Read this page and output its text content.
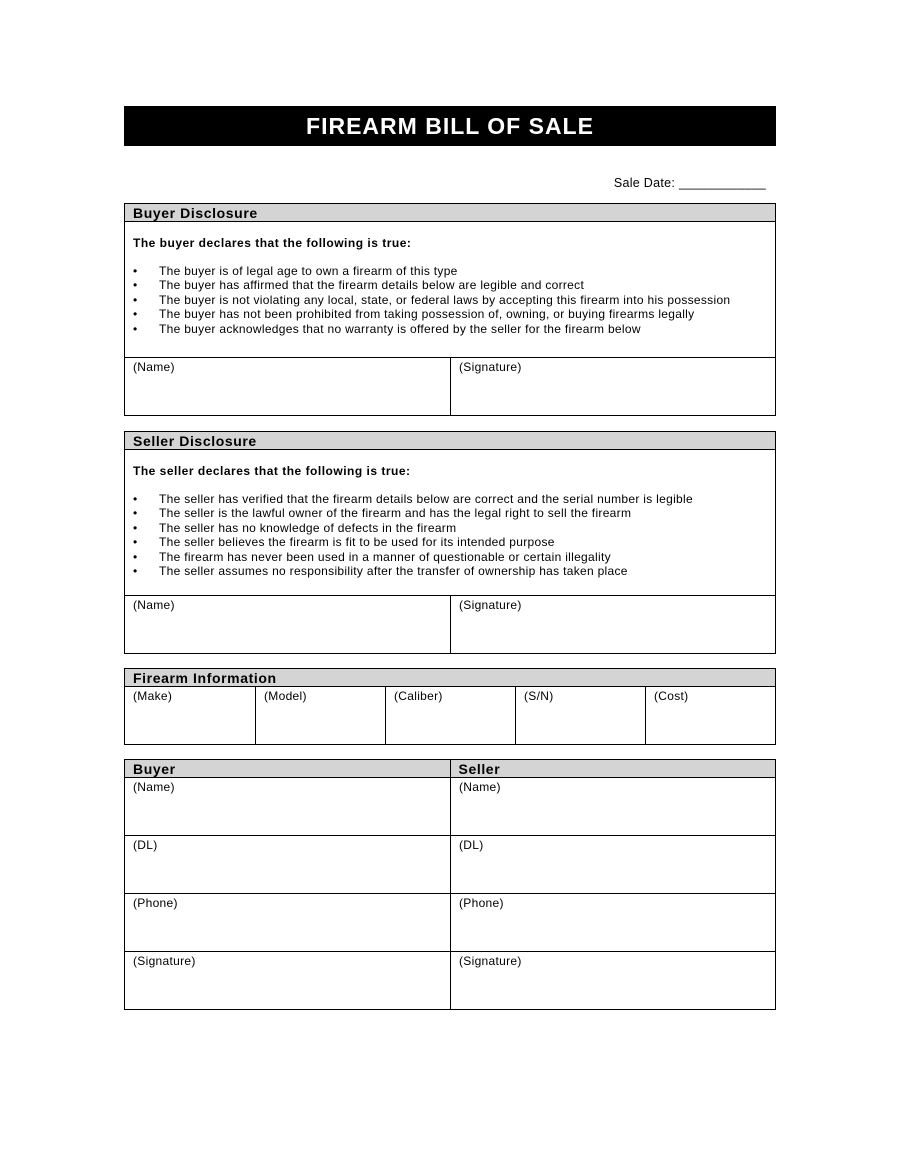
FIREARM BILL OF SALE
Sale Date: ____________
Buyer Disclosure
The buyer declares that the following is true:
• The buyer is of legal age to own a firearm of this type
• The buyer has affirmed that the firearm details below are legible and correct
• The buyer is not violating any local, state, or federal laws by accepting this firearm into his possession
• The buyer has not been prohibited from taking possession of, owning, or buying firearms legally
• The buyer acknowledges that no warranty is offered by the seller for the firearm below
(Name)	(Signature)
Seller Disclosure
The seller declares that the following is true:
• The seller has verified that the firearm details below are correct and the serial number is legible
• The seller is the lawful owner of the firearm and has the legal right to sell the firearm
• The seller has no knowledge of defects in the firearm
• The seller believes the firearm is fit to be used for its intended purpose
• The firearm has never been used in a manner of questionable or certain illegality
• The seller assumes no responsibility after the transfer of ownership has taken place
(Name)	(Signature)
Firearm Information
(Make)	(Model)	(Caliber)	(S/N)	(Cost)
Buyer	Seller
(Name)	(Name)
(DL)	(DL)
(Phone)	(Phone)
(Signature)	(Signature)
